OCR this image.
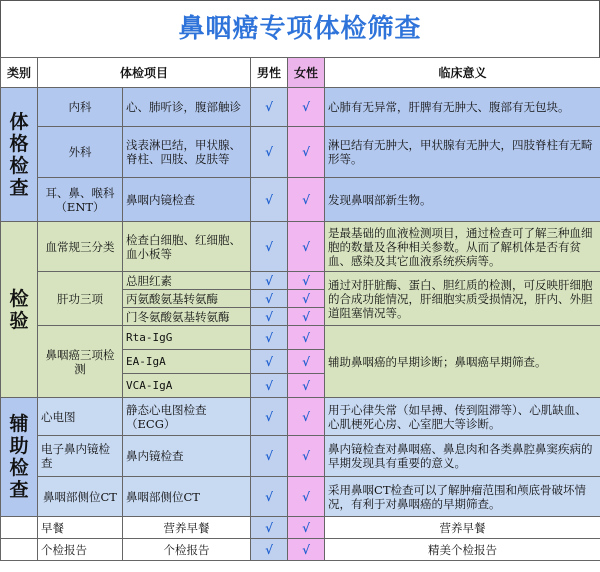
鼻咽癌专项体检筛查
类别	体检项目		男性	女性	临床意义
体格检查	内科	心、肺听诊，腹部触诊	√	√	心肺有无异常，肝脾有无肿大、腹部有无包块。
	外科	浅表淋巴结，甲状腺、脊柱、四肢、皮肤等	√	√	淋巴结有无肿大，甲状腺有无肿大，四肢脊柱有无畸形等。
	耳、鼻、喉科（ENT）	鼻咽内镜检查	√	√	发现鼻咽部新生物。
检验	血常规三分类	检查白细胞、红细胞、血小板等	√	√	是最基础的血液检测项目，通过检查可了解三种血细胞的数量及各种相关参数。从而了解机体是否有贫血、感染及其它血液系统疾病等。
	肝功三项	总胆红素	√	√	通过对肝脏酶、蛋白、胆红质的检测，可反映肝细胞的合成功能情况，肝细胞实质受损情况，肝内、外胆道阻塞情况等。
		丙氨酸氨基转氨酶	√	√	
		门冬氨酸氨基转氨酶	√	√	
	鼻咽癌三项检测	Rta-IgG	√	√	辅助鼻咽癌的早期诊断；鼻咽癌早期筛查。
		EA-IgA	√	√	
		VCA-IgA	√	√	
辅助检查	心电图	静态心电图检查（ECG）	√	√	用于心律失常（如早搏、传到阻滞等）、心肌缺血、心肌梗死心房、心室肥大等诊断。
	电子鼻内镜检查	鼻内镜检查	√	√	鼻内镜检查对鼻咽癌、鼻息肉和各类鼻腔鼻窦疾病的早期发现具有重要的意义。
	鼻咽部侧位CT	鼻咽部侧位CT	√	√	采用鼻咽CT检查可以了解肿瘤范围和颅底骨破坏情况，有利于对鼻咽癌的早期筛查。
	早餐	营养早餐	√	√	营养早餐
	个检报告	个检报告	√	√	精美个检报告
